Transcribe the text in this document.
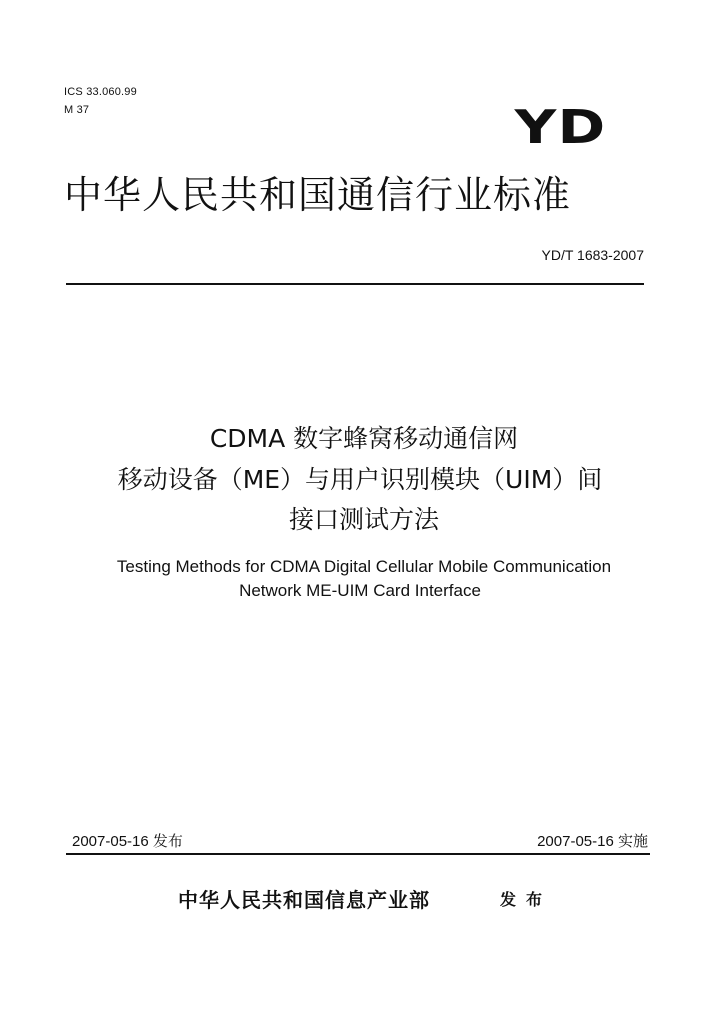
ICS 33.060.99
M 37	YD
中华人民共和国通信行业标准
YD/T 1683-2007
CDMA 数字蜂窝移动通信网
移动设备（ME）与用户识别模块（UIM）间
接口测试方法
Testing Methods for CDMA Digital Cellular Mobile Communication
Network ME-UIM Card Interface
2007-05-16 发布	2007-05-16 实施
中华人民共和国信息产业部	发布
